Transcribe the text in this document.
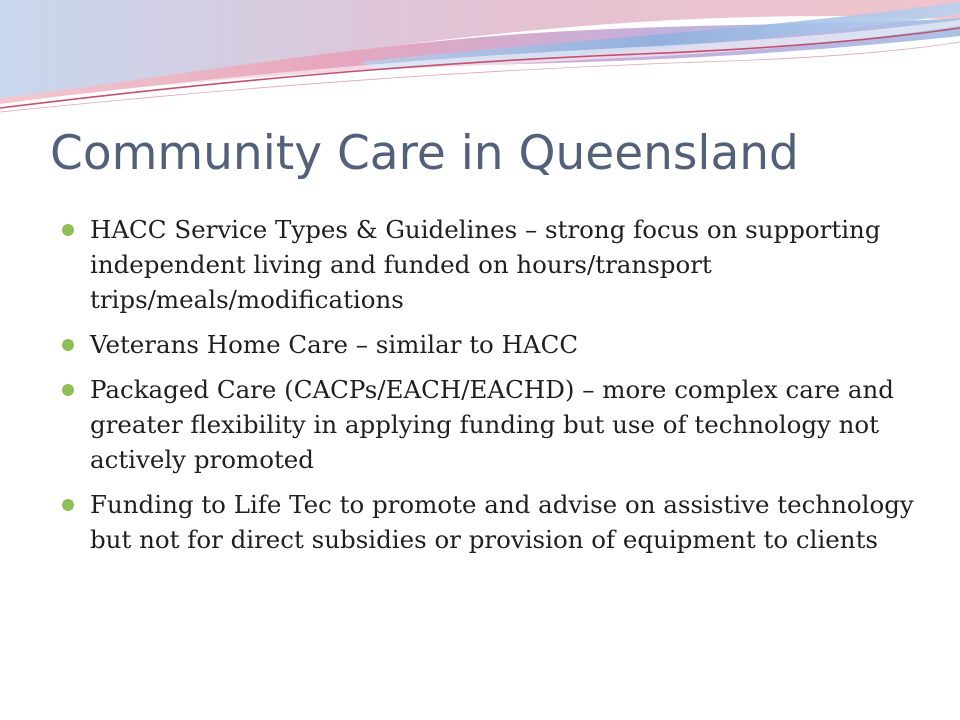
Community Care in Queensland
HACC Service Types & Guidelines – strong focus on supporting independent living and funded on hours/transport trips/meals/modifications
Veterans Home Care – similar to HACC
Packaged Care (CACPs/EACH/EACHD) – more complex care and greater flexibility in applying funding but use of technology not actively promoted
Funding to Life Tec to promote and advise on assistive technology but not for direct subsidies or provision of equipment to clients
